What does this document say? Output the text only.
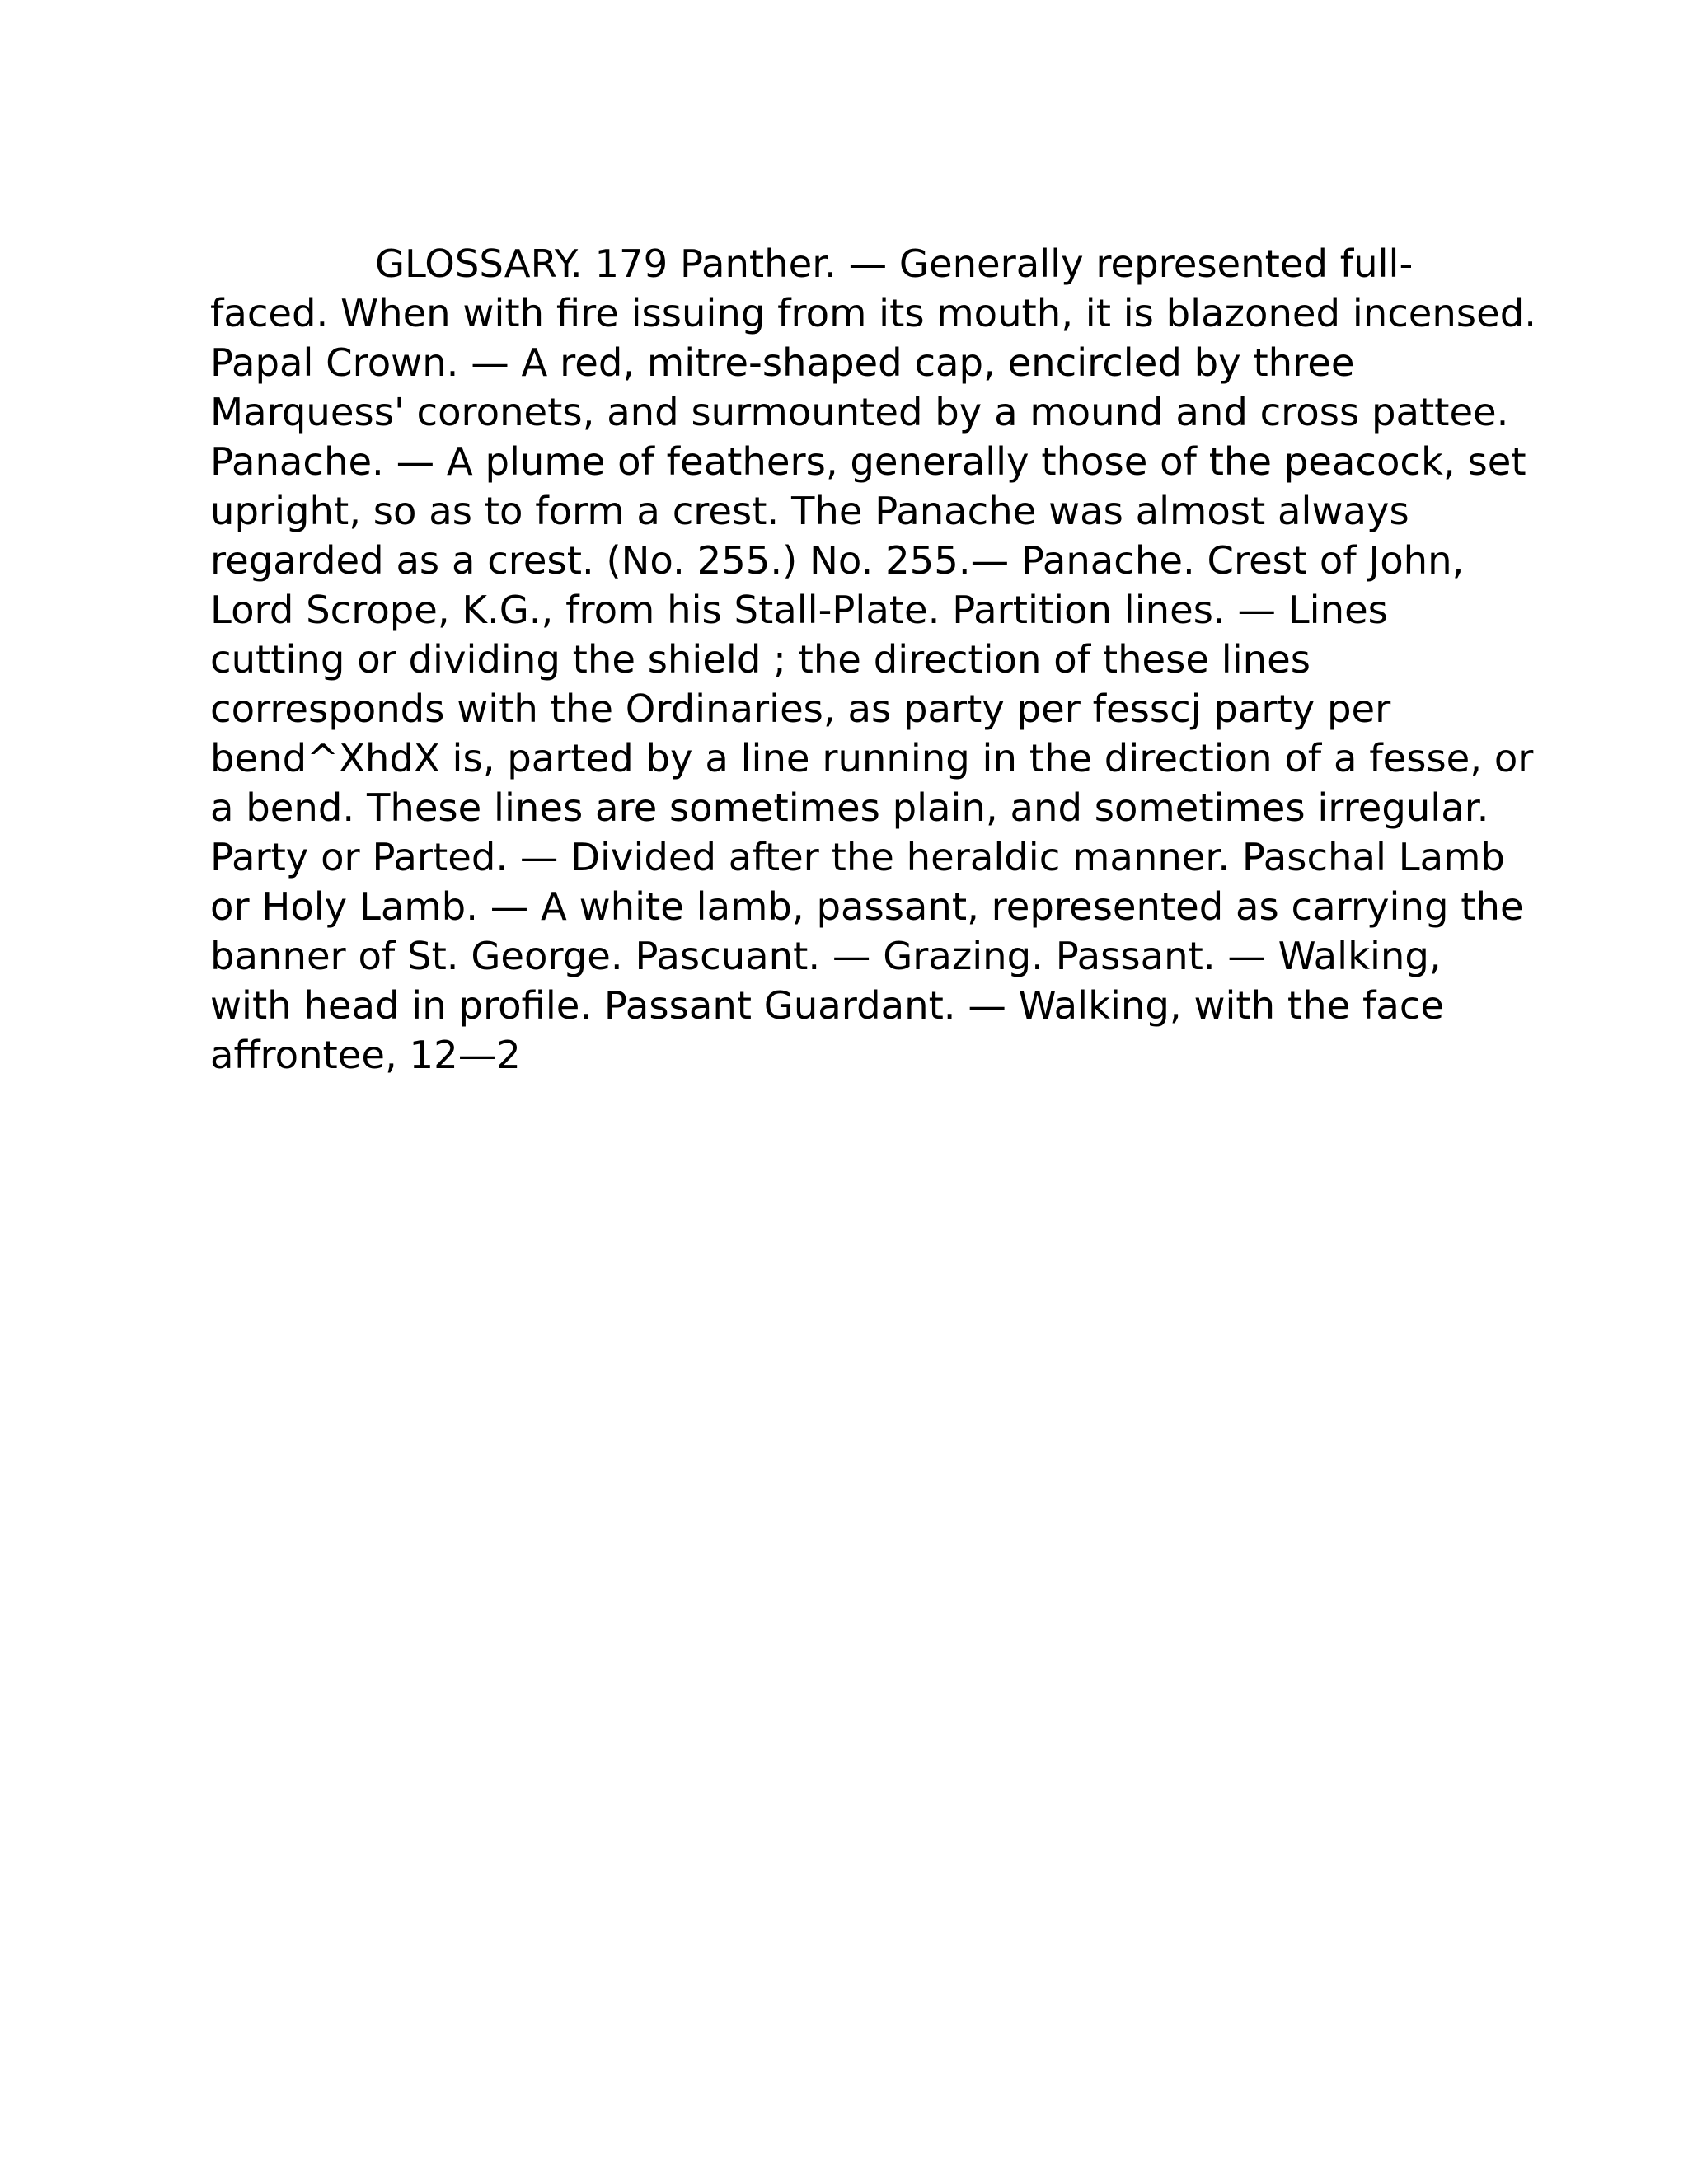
GLOSSARY. 179 Panther. — Generally represented full-
faced. When with fire issuing from its mouth, it is blazoned incensed.
Papal Crown. — A red, mitre-shaped cap, encircled by three
Marquess' coronets, and surmounted by a mound and cross pattee.
Panache. — A plume of feathers, generally those of the peacock, set
upright, so as to form a crest. The Panache was almost always
regarded as a crest. (No. 255.) No. 255.— Panache. Crest of John,
Lord Scrope, K.G., from his Stall-Plate. Partition lines. — Lines
cutting or dividing the shield ; the direction of these lines
corresponds with the Ordinaries, as party per fesscj party per
bend^XhdX is, parted by a line running in the direction of a fesse, or
a bend. These lines are sometimes plain, and sometimes irregular.
Party or Parted. — Divided after the heraldic manner. Paschal Lamb
or Holy Lamb. — A white lamb, passant, represented as carrying the
banner of St. George. Pascuant. — Grazing. Passant. — Walking,
with head in profile. Passant Guardant. — Walking, with the face
affrontee, 12—2
